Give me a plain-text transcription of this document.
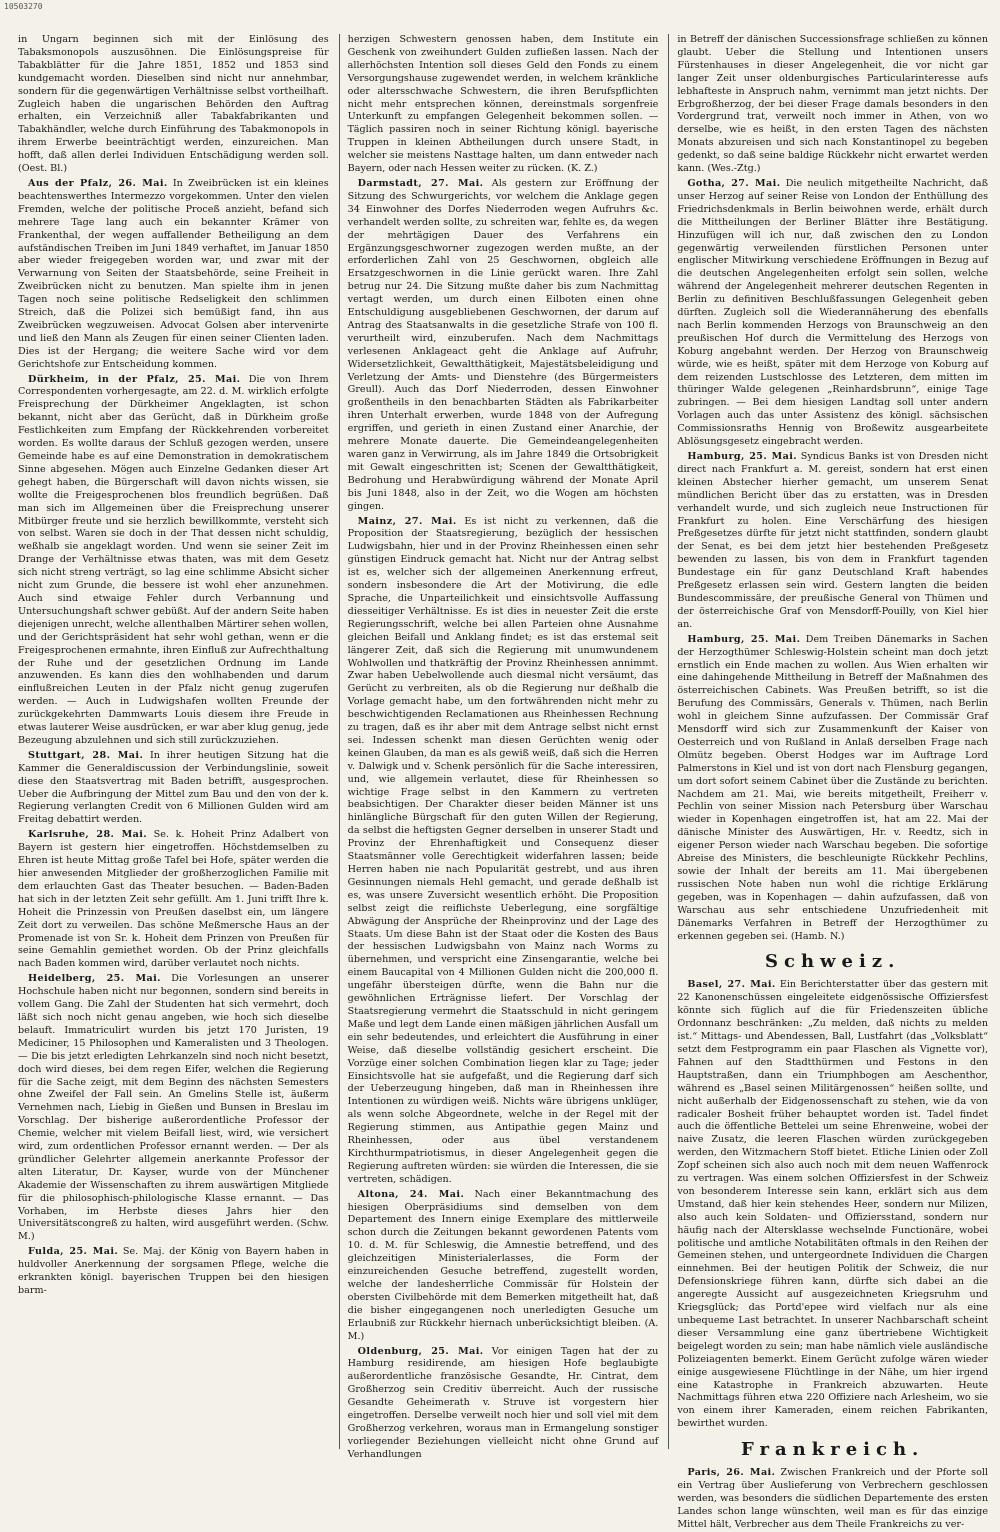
10503270

in Ungarn beginnen sich mit der Einlösung des Tabaksmonopols auszusöhnen. Die Einlösungspreise für Tabakblätter für die Jahre 1851, 1852 und 1853 sind kundgemacht worden. Dieselben sind nicht nur annehmbar, sondern für die gegenwärtigen Verhältnisse selbst vortheilhaft. Zugleich haben die ungarischen Behörden den Auftrag erhalten, ein Verzeichniß aller Tabakfabrikanten und Tabakhändler, welche durch Einführung des Tabakmonopols in ihrem Erwerbe beeinträchtigt werden, einzureichen. Man hofft, daß allen derlei Individuen Entschädigung werden soll. (Oest. Bl.)

Aus der Pfalz, 26. Mai. In Zweibrücken ist ein kleines beachtenswerthes Intermezzo vorgekommen. Unter den vielen Fremden, welche der politische Proceß anzieht, befand sich mehrere Tage lang auch ein bekannter Krämer von Frankenthal, der wegen auffallender Betheiligung an dem aufständischen Treiben im Juni 1849 verhaftet, im Januar 1850 aber wieder freigegeben worden war, und zwar mit der Verwarnung von Seiten der Staatsbehörde, seine Freiheit in Zweibrücken nicht zu benutzen. Man spielte ihm in jenen Tagen noch seine politische Redseligkeit den schlimmen Streich, daß die Polizei sich bemüßigt fand, ihn aus Zweibrücken wegzuweisen. Advocat Golsen aber intervenirte und ließ den Mann als Zeugen für einen seiner Clienten laden. Dies ist der Hergang; die weitere Sache wird vor dem Gerichtshofe zur Entscheidung kommen.

Dürkheim, in der Pfalz, 25. Mai. Die von Ihrem Correspondenten vorhergesagte, am 22. d. M. wirklich erfolgte Freisprechung der Dürkheimer Angeklagten, ist schon bekannt, nicht aber das Gerücht, daß in Dürkheim große Festlichkeiten zum Empfang der Rückkehrenden vorbereitet worden. Es wollte daraus der Schluß gezogen werden, unsere Gemeinde habe es auf eine Demonstration in demokratischem Sinne abgesehen. Mögen auch Einzelne Gedanken dieser Art gehegt haben, die Bürgerschaft will davon nichts wissen, sie wollte die Freigesprochenen blos freundlich begrüßen. Daß man sich im Allgemeinen über die Freisprechung unserer Mitbürger freute und sie herzlich bewillkommte, versteht sich von selbst. Waren sie doch in der That dessen nicht schuldig, weßhalb sie angeklagt worden. Und wenn sie seiner Zeit im Drange der Verhältnisse etwas thaten, was mit dem Gesetz sich nicht streng verträgt, so lag eine schlimme Absicht sicher nicht zum Grunde, die bessere ist wohl eher anzunehmen. Auch sind etwaige Fehler durch Verbannung und Untersuchungshaft schwer gebüßt. Auf der andern Seite haben diejenigen unrecht, welche allenthalben Märtirer sehen wollen, und der Gerichtspräsident hat sehr wohl gethan, wenn er die Freigesprochenen ermahnte, ihren Einfluß zur Aufrechthaltung der Ruhe und der gesetzlichen Ordnung im Lande anzuwenden. Es kann dies den wohlhabenden und darum einflußreichen Leuten in der Pfalz nicht genug zugerufen werden. — Auch in Ludwigshafen wollten Freunde der zurückgekehrten Dammwarts Louis diesem ihre Freude in etwas lauterer Weise ausdrücken, er war aber klug genug, jede Bezeugung abzulehnen und sich still zurückzuziehen.

Stuttgart, 28. Mai. In ihrer heutigen Sitzung hat die Kammer die Generaldiscussion der Verbindungslinie, soweit diese den Staatsvertrag mit Baden betrifft, ausgesprochen. Ueber die Aufbringung der Mittel zum Bau und den von der k. Regierung verlangten Credit von 6 Millionen Gulden wird am Freitag debattirt werden.

Karlsruhe, 28. Mai. Se. k. Hoheit Prinz Adalbert von Bayern ist gestern hier eingetroffen. Höchstdemselben zu Ehren ist heute Mittag große Tafel bei Hofe, später werden die hier anwesenden Mitglieder der großherzoglichen Familie mit dem erlauchten Gast das Theater besuchen. — Baden-Baden hat sich in der letzten Zeit sehr gefüllt. Am 1. Juni trifft Ihre k. Hoheit die Prinzessin von Preußen daselbst ein, um längere Zeit dort zu verweilen. Das schöne Meßmersche Haus an der Promenade ist von Sr. k. Hoheit dem Prinzen von Preußen für seine Gemahlin gemiethet worden. Ob der Prinz gleichfalls nach Baden kommen wird, darüber verlautet noch nichts.

Heidelberg, 25. Mai. Die Vorlesungen an unserer Hochschule haben nicht nur begonnen, sondern sind bereits in vollem Gang. Die Zahl der Studenten hat sich vermehrt, doch läßt sich noch nicht genau angeben, wie hoch sich dieselbe belauft. Immatriculirt wurden bis jetzt 170 Juristen, 19 Mediciner, 15 Philosophen und Kameralisten und 3 Theologen. — Die bis jetzt erledigten Lehrkanzeln sind noch nicht besetzt, doch wird dieses, bei dem regen Eifer, welchen die Regierung für die Sache zeigt, mit dem Beginn des nächsten Semesters ohne Zweifel der Fall sein. An Gmelins Stelle ist, äußerm Vernehmen nach, Liebig in Gießen und Bunsen in Breslau im Vorschlag. Der bisherige außerordentliche Professor der Chemie, welcher mit vielem Beifall liest, wird, wie versichert wird, zum ordentlichen Professor ernannt werden. — Der als gründlicher Gelehrter allgemein anerkannte Professor der alten Literatur, Dr. Kayser, wurde von der Münchener Akademie der Wissenschaften zu ihrem auswärtigen Mitgliede für die philosophisch-philologische Klasse ernannt. — Das Vorhaben, im Herbste dieses Jahrs hier den Universitätscongreß zu halten, wird ausgeführt werden. (Schw. M.)

Fulda, 25. Mai. Se. Maj. der König von Bayern haben in huldvoller Anerkennung der sorgsamen Pflege, welche die erkrankten königl. bayerischen Truppen bei den hiesigen barm-

herzigen Schwestern genossen haben, dem Institute ein Geschenk von zweihundert Gulden zufließen lassen. Nach der allerhöchsten Intention soll dieses Geld den Fonds zu einem Versorgungshause zugewendet werden, in welchem kränkliche oder altersschwache Schwestern, die ihren Berufspflichten nicht mehr entsprechen können, dereinstmals sorgenfreie Unterkunft zu empfangen Gelegenheit bekommen sollen. — Täglich passiren noch in seiner Richtung königl. bayerische Truppen in kleinen Abtheilungen durch unsere Stadt, in welcher sie meistens Nasttage halten, um dann entweder nach Bayern, oder nach Hessen weiter zu rücken. (K. Z.)

Darmstadt, 27. Mai. Als gestern zur Eröffnung der Sitzung des Schwurgerichts, vor welchem die Anklage gegen 34 Einwohner des Dorfes Niederroden wegen Aufruhrs &c. verhandelt werden sollte, zu schreiten war, fehlte es, da wegen der mehrtägigen Dauer des Verfahrens ein Ergänzungsgeschworner zugezogen werden mußte, an der erforderlichen Zahl von 25 Geschwornen, obgleich alle Ersatzgeschwornen in die Linie gerückt waren. Ihre Zahl betrug nur 24. Die Sitzung mußte daher bis zum Nachmittag vertagt werden, um durch einen Eilboten einen ohne Entschuldigung ausgebliebenen Geschwornen, der darum auf Antrag des Staatsanwalts in die gesetzliche Strafe von 100 fl. verurtheilt wird, einzuberufen. Nach dem Nachmittags verlesenen Anklageact geht die Anklage auf Aufruhr, Widersetzlichkeit, Gewaltthätigkeit, Majestätsbeleidigung und Verletzung der Amts- und Dienstehre (des Bürgermeisters Greull). Auch das Dorf Niederroden, dessen Einwohner großentheils in den benachbarten Städten als Fabrikarbeiter ihren Unterhalt erwerben, wurde 1848 von der Aufregung ergriffen, und gerieth in einen Zustand einer Anarchie, der mehrere Monate dauerte. Die Gemeindeangelegenheiten waren ganz in Verwirrung, als im Jahre 1849 die Ortsobrigkeit mit Gewalt eingeschritten ist; Scenen der Gewaltthätigkeit, Bedrohung und Herabwürdigung während der Monate April bis Juni 1848, also in der Zeit, wo die Wogen am höchsten gingen.

Mainz, 27. Mai. Es ist nicht zu verkennen, daß die Proposition der Staatsregierung, bezüglich der hessischen Ludwigsbahn, hier und in der Provinz Rheinhessen einen sehr günstigen Eindruck gemacht hat. Nicht nur der Antrag selbst ist es, welcher sich der allgemeinen Anerkennung erfreut, sondern insbesondere die Art der Motivirung, die edle Sprache, die Unparteilichkeit und einsichtsvolle Auffassung diesseitiger Verhältnisse. Es ist dies in neuester Zeit die erste Regierungsschrift, welche bei allen Parteien ohne Ausnahme gleichen Beifall und Anklang findet; es ist das erstemal seit längerer Zeit, daß sich die Regierung mit unumwundenem Wohlwollen und thatkräftig der Provinz Rheinhessen annimmt. Zwar haben Uebelwollende auch diesmal nicht versäumt, das Gerücht zu verbreiten, als ob die Regierung nur deßhalb die Vorlage gemacht habe, um den fortwährenden nicht mehr zu beschwichtigenden Reclamationen aus Rheinhessen Rechnung zu tragen, daß es ihr aber mit dem Antrage selbst nicht ernst sei. Indessen schenkt man diesen Gerüchten wenig oder keinen Glauben, da man es als gewiß weiß, daß sich die Herren v. Dalwigk und v. Schenk persönlich für die Sache interessiren, und, wie allgemein verlautet, diese für Rheinhessen so wichtige Frage selbst in den Kammern zu vertreten beabsichtigen. Der Charakter dieser beiden Männer ist uns hinlängliche Bürgschaft für den guten Willen der Regierung, da selbst die heftigsten Gegner derselben in unserer Stadt und Provinz der Ehrenhaftigkeit und Consequenz dieser Staatsmänner volle Gerechtigkeit widerfahren lassen; beide Herren haben nie nach Popularität gestrebt, und aus ihren Gesinnungen niemals Hehl gemacht, und gerade deßhalb ist es, was unsere Zuversicht wesentlich erhöht. Die Proposition selbst zeigt die reiflichste Ueberlegung, eine sorgfältige Abwägung der Ansprüche der Rheinprovinz und der Lage des Staats. Um diese Bahn ist der Staat oder die Kosten des Baus der hessischen Ludwigsbahn von Mainz nach Worms zu übernehmen, und verspricht eine Zinsengarantie, welche bei einem Baucapital von 4 Millionen Gulden nicht die 200,000 fl. ungefähr übersteigen dürfte, wenn die Bahn nur die gewöhnlichen Erträgnisse liefert. Der Vorschlag der Staatsregierung vermehrt die Staatsschuld in nicht geringem Maße und legt dem Lande einen mäßigen jährlichen Ausfall um ein sehr bedeutendes, und erleichtert die Ausführung in einer Weise, daß dieselbe vollständig gesichert erscheint. Die Vorzüge einer solchen Combination liegen klar zu Tage; jeder Einsichtsvolle hat sie aufgefaßt, und die Regierung darf sich der Ueberzeugung hingeben, daß man in Rheinhessen ihre Intentionen zu würdigen weiß. Nichts wäre übrigens unklüger, als wenn solche Abgeordnete, welche in der Regel mit der Regierung stimmen, aus Antipathie gegen Mainz und Rheinhessen, oder aus übel verstandenem Kirchthurmpatriotismus, in dieser Angelegenheit gegen die Regierung auftreten würden: sie würden die Interessen, die sie vertreten, schädigen.

Altona, 24. Mai. Nach einer Bekanntmachung des hiesigen Oberpräsidiums sind demselben von dem Departement des Innern einige Exemplare des mittlerweile schon durch die Zeitungen bekannt gewordenen Patents vom 10. d. M. für Schleswig, die Amnestie betreffend, und des gleichzeitigen Ministerialerlasses, die Form der einzureichenden Gesuche betreffend, zugestellt worden, welche der landesherrliche Commissär für Holstein der obersten Civilbehörde mit dem Bemerken mitgetheilt hat, daß die bisher eingegangenen noch unerledigten Gesuche um Erlaubniß zur Rückkehr hiernach unberücksichtigt bleiben. (A. M.)

Oldenburg, 25. Mai. Vor einigen Tagen hat der zu Hamburg residirende, am hiesigen Hofe beglaubigte außerordentliche französische Gesandte, Hr. Cintrat, dem Großherzog sein Creditiv überreicht. Auch der russische Gesandte Geheimerath v. Struve ist vorgestern hier eingetroffen. Derselbe verweilt noch hier und soll viel mit dem Großherzog verkehren, woraus man in Ermangelung sonstiger vorliegender Beziehungen vielleicht nicht ohne Grund auf Verhandlungen

in Betreff der dänischen Successionsfrage schließen zu können glaubt. Ueber die Stellung und Intentionen unsers Fürstenhauses in dieser Angelegenheit, die vor nicht gar langer Zeit unser oldenburgisches Particularinteresse aufs lebhafteste in Anspruch nahm, vernimmt man jetzt nichts. Der Erbgroßherzog, der bei dieser Frage damals besonders in den Vordergrund trat, verweilt noch immer in Athen, von wo derselbe, wie es heißt, in den ersten Tagen des nächsten Monats abzureisen und sich nach Konstantinopel zu begeben gedenkt, so daß seine baldige Rückkehr nicht erwartet werden kann. (Wes.-Ztg.)

Gotha, 27. Mai. Die neulich mitgetheilte Nachricht, daß unser Herzog auf seiner Reise von London der Enthüllung des Friedrichsdenkmals in Berlin beiwohnen werde, erhält durch die Mittheilungen der Berliner Blätter ihre Bestätigung. Hinzufügen will ich nur, daß zwischen den zu London gegenwärtig verweilenden fürstlichen Personen unter englischer Mitwirkung verschiedene Eröffnungen in Bezug auf die deutschen Angelegenheiten erfolgt sein sollen, welche während der Angelegenheit mehrerer deutschen Regenten in Berlin zu definitiven Beschlußfassungen Gelegenheit geben dürften. Zugleich soll die Wiederannäherung des ebenfalls nach Berlin kommenden Herzogs von Braunschweig an den preußischen Hof durch die Vermittelung des Herzogs von Koburg angebahnt werden. Der Herzog von Braunschweig würde, wie es heißt, später mit dem Herzoge von Koburg auf dem reizenden Lustschlosse des Letzteren, dem mitten im thüringer Walde gelegenen „Reinhardsbrunn“, einige Tage zubringen. — Bei dem hiesigen Landtag soll unter andern Vorlagen auch das unter Assistenz des königl. sächsischen Commissionsraths Hennig von Broßewitz ausgearbeitete Ablösungsgesetz eingebracht werden.

Hamburg, 25. Mai. Syndicus Banks ist von Dresden nicht direct nach Frankfurt a. M. gereist, sondern hat erst einen kleinen Abstecher hierher gemacht, um unserem Senat mündlichen Bericht über das zu erstatten, was in Dresden verhandelt wurde, und sich zugleich neue Instructionen für Frankfurt zu holen. Eine Verschärfung des hiesigen Preßgesetzes dürfte für jetzt nicht stattfinden, sondern glaubt der Senat, es bei dem jetzt hier bestehenden Preßgesetz bewenden zu lassen, bis von dem in Frankfurt tagenden Bundestage ein für ganz Deutschland Kraft habendes Preßgesetz erlassen sein wird. Gestern langten die beiden Bundescommissäre, der preußische General von Thümen und der österreichische Graf von Mensdorff-Pouilly, von Kiel hier an.

Hamburg, 25. Mai. Dem Treiben Dänemarks in Sachen der Herzogthümer Schleswig-Holstein scheint man doch jetzt ernstlich ein Ende machen zu wollen. Aus Wien erhalten wir eine dahingehende Mittheilung in Betreff der Maßnahmen des österreichischen Cabinets. Was Preußen betrifft, so ist die Berufung des Commissärs, Generals v. Thümen, nach Berlin wohl in gleichem Sinne aufzufassen. Der Commissär Graf Mensdorff wird sich zur Zusammenkunft der Kaiser von Oesterreich und von Rußland in Anlaß derselben Frage nach Olmütz begeben. Oberst Hodges war im Auftrage Lord Palmerstons in Kiel und ist von dort nach Flensburg gegangen, um dort sofort seinem Cabinet über die Zustände zu berichten. Nachdem am 21. Mai, wie bereits mitgetheilt, Freiherr v. Pechlin von seiner Mission nach Petersburg über Warschau wieder in Kopenhagen eingetroffen ist, hat am 22. Mai der dänische Minister des Auswärtigen, Hr. v. Reedtz, sich in eigener Person wieder nach Warschau begeben. Die sofortige Abreise des Ministers, die beschleunigte Rückkehr Pechlins, sowie der Inhalt der bereits am 11. Mai übergebenen russischen Note haben nun wohl die richtige Erklärung gegeben, was in Kopenhagen — dahin aufzufassen, daß von Warschau aus sehr entschiedene Unzufriedenheit mit Dänemarks Verfahren in Betreff der Herzogthümer zu erkennen gegeben sei. (Hamb. N.)

Schweiz.

Basel, 27. Mai. Ein Berichterstatter über das gestern mit 22 Kanonenschüssen eingeleitete eidgenössische Offiziersfest könnte sich füglich auf die für Friedenszeiten übliche Ordonnanz beschränken: „Zu melden, daß nichts zu melden ist.“ Mittags- und Abendessen, Ball, Lustfahrt (das „Volksblatt“ setzt dem Festprogramm ein paar Flaschen als Vignette vor), Fahnen auf den Stadtthürmen und Festons in den Hauptstraßen, dann ein Triumphbogen am Aeschenthor, während es „Basel seinen Militärgenossen“ heißen sollte, und nicht außerhalb der Eidgenossenschaft zu stehen, wie da von radicaler Bosheit früher behauptet worden ist. Tadel findet auch die öffentliche Bettelei um seine Ehrenweine, wobei der naive Zusatz, die leeren Flaschen würden zurückgegeben werden, den Witzmachern Stoff bietet. Etliche Linien oder Zoll Zopf scheinen sich also auch noch mit dem neuen Waffenrock zu vertragen. Was einem solchen Offiziersfest in der Schweiz von besonderem Interesse sein kann, erklärt sich aus dem Umstand, daß hier kein stehendes Heer, sondern nur Milizen, also auch kein Soldaten- und Offiziersstand, sondern nur häufig nach der Altersklasse wechselnde Functionäre, wobei politische und amtliche Notabilitäten oftmals in den Reihen der Gemeinen stehen, und untergeordnete Individuen die Chargen einnehmen. Bei der heutigen Politik der Schweiz, die nur Defensionskriege führen kann, dürfte sich dabei an die angeregte Aussicht auf ausgezeichneten Kriegsruhm und Kriegsglück; das Portd'epee wird vielfach nur als eine unbequeme Last betrachtet. In unserer Nachbarschaft scheint dieser Versammlung eine ganz übertriebene Wichtigkeit beigelegt worden zu sein; man habe nämlich viele ausländische Polizeiagenten bemerkt. Einem Gerücht zufolge wären wieder einige ausgewiesene Flüchtlinge in der Nähe, um hier irgend eine Katastrophe in Frankreich abzuwarten. Heute Nachmittags führen etwa 220 Offiziere nach Arlesheim, wo sie von einem ihrer Kameraden, einem reichen Fabrikanten, bewirthet wurden.

Frankreich.

Paris, 26. Mai. Zwischen Frankreich und der Pforte soll ein Vertrag über Auslieferung von Verbrechern geschlossen werden, was besonders die südlichen Departemente des ersten Landes schon lange wünschten, weil man es für das einzige Mittel hält, Verbrecher aus dem Theile Frankreichs zu ver-
